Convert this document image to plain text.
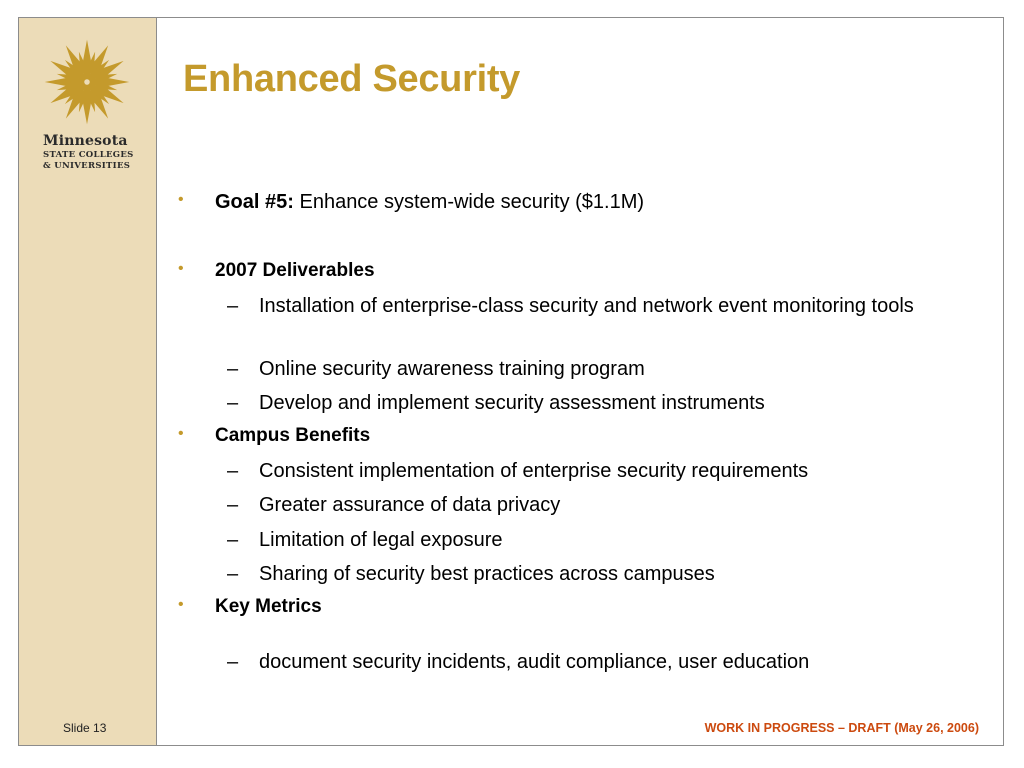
Minnesota
STATE COLLEGES
& UNIVERSITIES
Slide 13
Enhanced Security
• Goal #5: Enhance system-wide security ($1.1M)
• 2007 Deliverables
– Installation of enterprise-class security and network event monitoring tools
– Online security awareness training program
– Develop and implement security assessment instruments
• Campus Benefits
– Consistent implementation of enterprise security requirements
– Greater assurance of data privacy
– Limitation of legal exposure
– Sharing of security best practices across campuses
• Key Metrics
– document security incidents, audit compliance, user education
WORK IN PROGRESS – DRAFT (May 26, 2006)
